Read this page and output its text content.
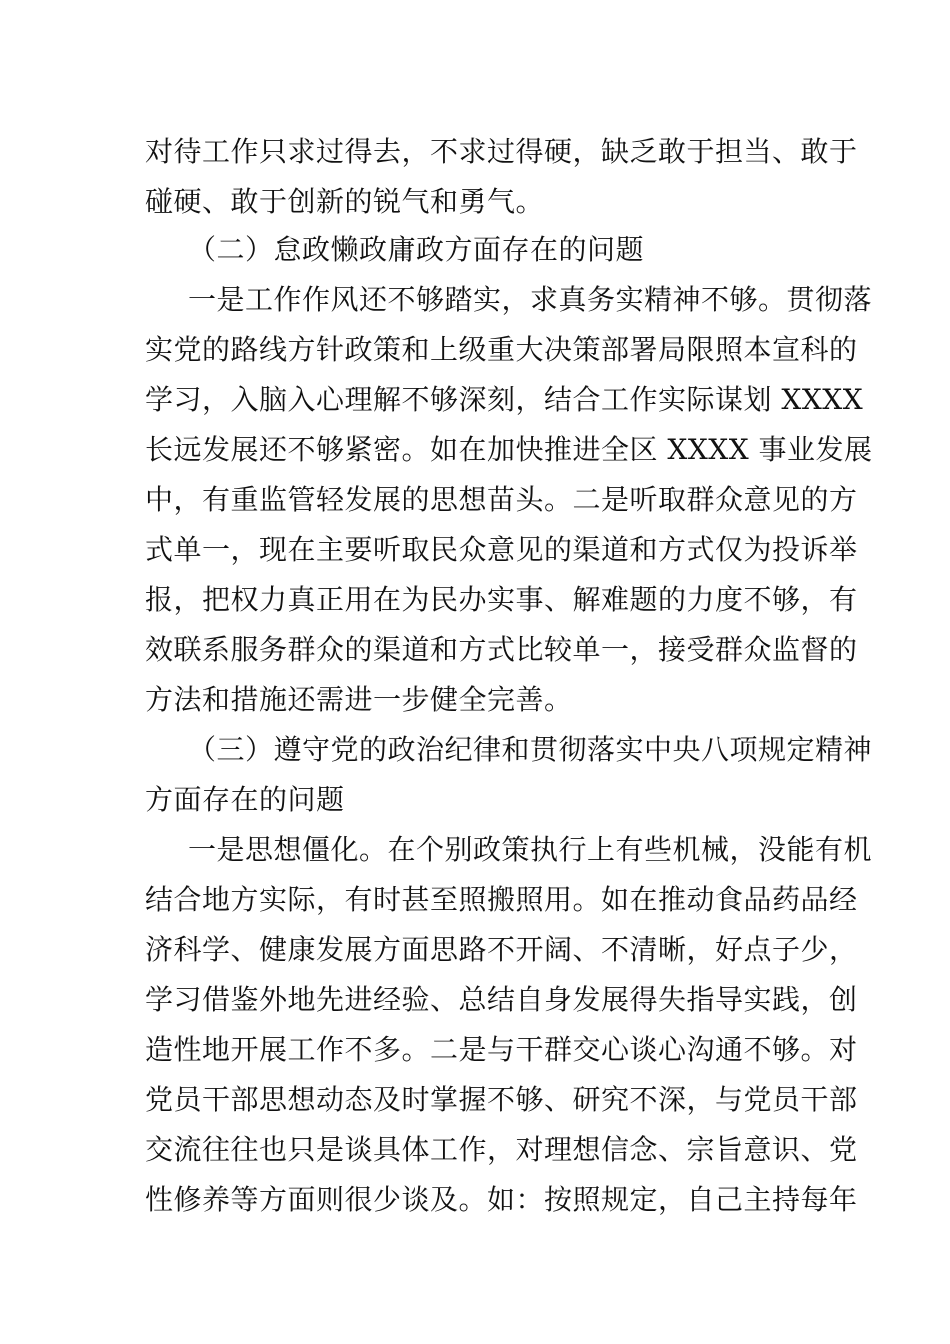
对待工作只求过得去，不求过得硬，缺乏敢于担当、敢于

碰硬、敢于创新的锐气和勇气。

（二）怠政懒政庸政方面存在的问题

一是工作作风还不够踏实，求真务实精神不够。贯彻落

实党的路线方针政策和上级重大决策部署局限照本宣科的

学习，入脑入心理解不够深刻，结合工作实际谋划 XXXX

长远发展还不够紧密。如在加快推进全区 XXXX 事业发展

中，有重监管轻发展的思想苗头。二是听取群众意见的方

式单一，现在主要听取民众意见的渠道和方式仅为投诉举

报，把权力真正用在为民办实事、解难题的力度不够，有

效联系服务群众的渠道和方式比较单一，接受群众监督的

方法和措施还需进一步健全完善。

（三）遵守党的政治纪律和贯彻落实中央八项规定精神

方面存在的问题

一是思想僵化。在个别政策执行上有些机械，没能有机

结合地方实际，有时甚至照搬照用。如在推动食品药品经

济科学、健康发展方面思路不开阔、不清晰，好点子少，

学习借鉴外地先进经验、总结自身发展得失指导实践，创

造性地开展工作不多。二是与干群交心谈心沟通不够。对

党员干部思想动态及时掌握不够、研究不深，与党员干部

交流往往也只是谈具体工作，对理想信念、宗旨意识、党

性修养等方面则很少谈及。如：按照规定，自己主持每年
